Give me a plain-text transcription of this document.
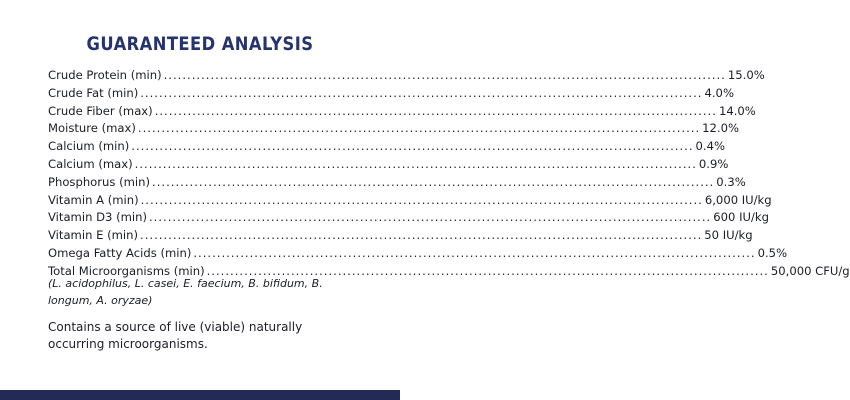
GUARANTEED ANALYSIS
Crude Protein (min) ........................................................................................................................ 15.0%
Crude Fat (min) ........................................................................................................................ 4.0%
Crude Fiber (max) ........................................................................................................................ 14.0%
Moisture (max) ........................................................................................................................ 12.0%
Calcium (min) ........................................................................................................................ 0.4%
Calcium (max) ........................................................................................................................ 0.9%
Phosphorus (min) ........................................................................................................................ 0.3%
Vitamin A (min) ........................................................................................................................ 6,000 IU/kg
Vitamin D3 (min) ........................................................................................................................ 600 IU/kg
Vitamin E (min) ........................................................................................................................ 50 IU/kg
Omega Fatty Acids (min) ........................................................................................................................ 0.5%
Total Microorganisms (min) ........................................................................................................................ 50,000 CFU/g
(L. acidophilus, L. casei, E. faecium, B. bifidum, B. longum, A. oryzae)
Contains a source of live (viable) naturally occurring microorganisms.
